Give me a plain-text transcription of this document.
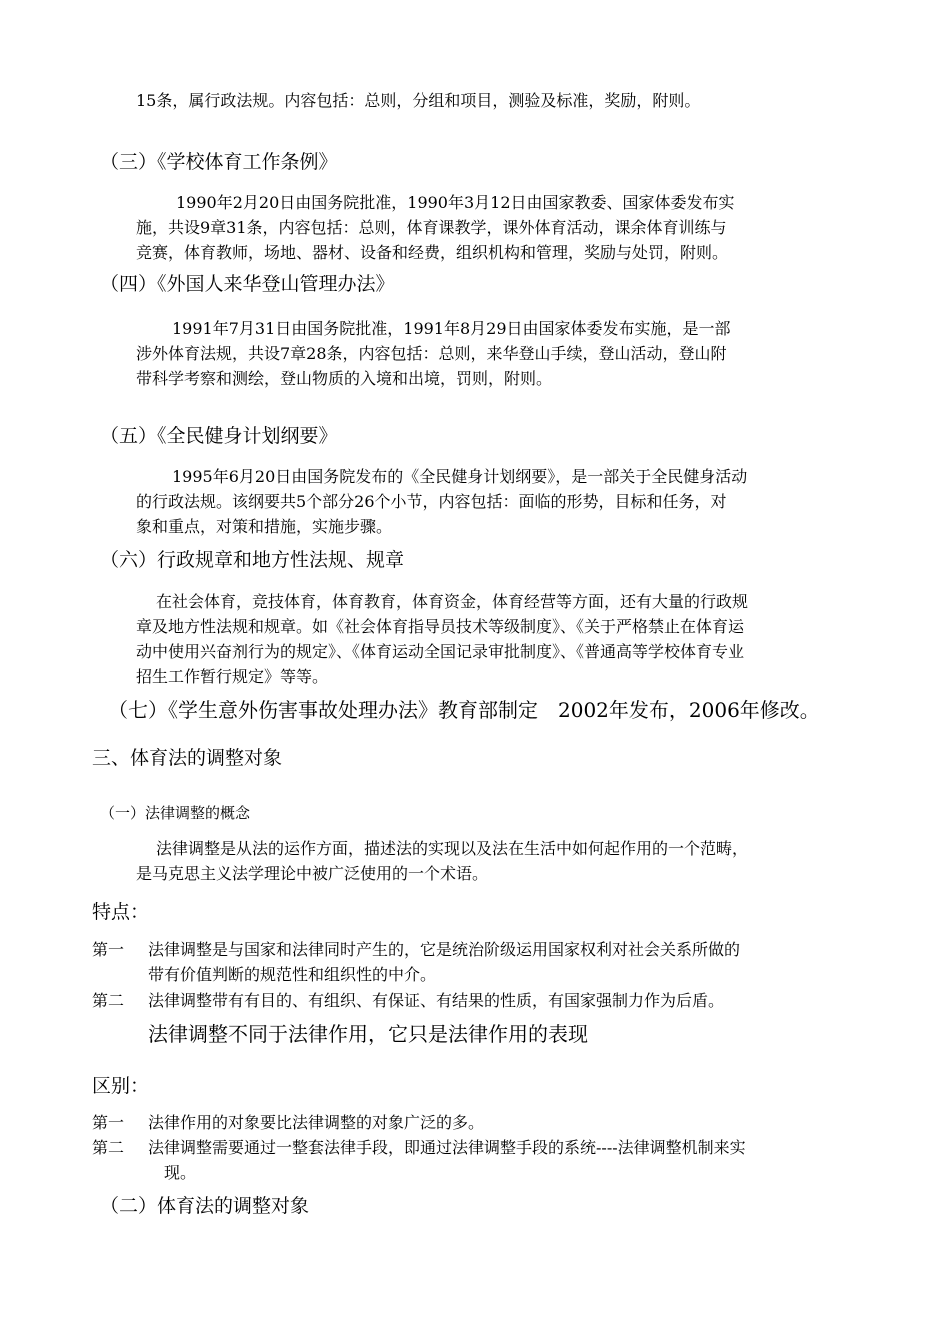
15条，属行政法规。内容包括：总则，分组和项目，测验及标准，奖励，附则。
（三）《学校体育工作条例》
1990年2月20日由国务院批准，1990年3月12日由国家教委、国家体委发布实
施，共设9章31条，内容包括：总则，体育课教学，课外体育活动，课余体育训练与
竞赛，体育教师，场地、器材、设备和经费，组织机构和管理，奖励与处罚，附则。
（四）《外国人来华登山管理办法》
1991年7月31日由国务院批准，1991年8月29日由国家体委发布实施，是一部
涉外体育法规，共设7章28条，内容包括：总则，来华登山手续，登山活动，登山附
带科学考察和测绘，登山物质的入境和出境，罚则，附则。
（五）《全民健身计划纲要》
1995年6月20日由国务院发布的《全民健身计划纲要》，是一部关于全民健身活动
的行政法规。该纲要共5个部分26个小节，内容包括：面临的形势，目标和任务，对
象和重点，对策和措施，实施步骤。
（六）行政规章和地方性法规、规章
在社会体育，竞技体育，体育教育，体育资金，体育经营等方面，还有大量的行政规
章及地方性法规和规章。如《社会体育指导员技术等级制度》、《关于严格禁止在体育运
动中使用兴奋剂行为的规定》、《体育运动全国记录审批制度》、《普通高等学校体育专业
招生工作暂行规定》等等。
（七）《学生意外伤害事故处理办法》教育部制定　2002年发布，2006年修改。
三、体育法的调整对象
（一）法律调整的概念
法律调整是从法的运作方面，描述法的实现以及法在生活中如何起作用的一个范畴，
是马克思主义法学理论中被广泛使用的一个术语。
特点：
第一 法律调整是与国家和法律同时产生的，它是统治阶级运用国家权利对社会关系所做的
带有价值判断的规范性和组织性的中介。
第二 法律调整带有有目的、有组织、有保证、有结果的性质，有国家强制力作为后盾。
法律调整不同于法律作用，它只是法律作用的表现
区别：
第一 法律作用的对象要比法律调整的对象广泛的多。
第二 法律调整需要通过一整套法律手段，即通过法律调整手段的系统----法律调整机制来实
现。
（二）体育法的调整对象
